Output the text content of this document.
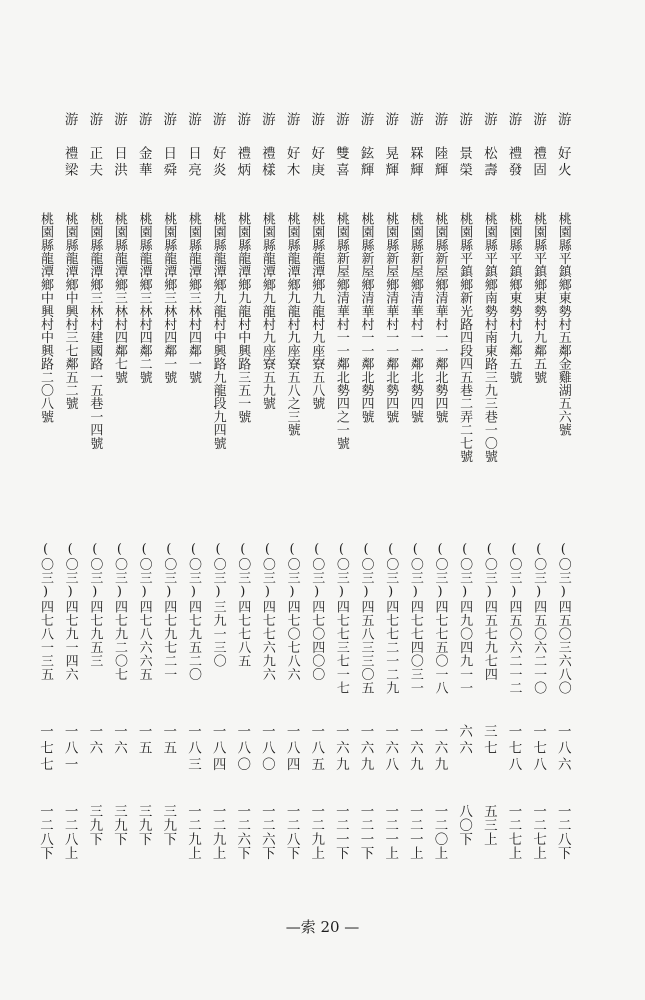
游
好火
桃園縣平鎮鄉東勢村五鄰金雞湖五六號
(〇三)四五〇三六八〇
一八六
一二八下
游
禮固
桃園縣平鎮鄉東勢村九鄰五號
(〇三)四五〇六二一〇
一七八
一二七上
游
禮發
桃園縣平鎮鄉東勢村九鄰五號
(〇三)四五〇六二一二
一七八
一二七上
游
松壽
桃園縣平鎮鄉南勢村南東路三九三巷一〇號
(〇三)四五七九七四
三七
五三上
游
景榮
桃園縣平鎮鄉新光路四段四五巷二弄二七號
(〇三)四九〇四九一一
六六
八〇下
游
陸輝
桃園縣新屋鄉清華村一一鄰北勢四號
(〇三)四七七五〇一八
一六九
一二〇上
游
罧輝
桃園縣新屋鄉清華村一一鄰北勢四號
(〇三)四七七四〇三一
一六九
一二一上
游
晃輝
桃園縣新屋鄉清華村一一鄰北勢四號
(〇三)四七七二一二九
一六八
一二一上
游
鉉輝
桃園縣新屋鄉清華村一一鄰北勢四號
(〇三)四五八三三〇五
一六九
一二一下
游
雙喜
桃園縣新屋鄉清華村一一鄰北勢四之一號
(〇三)四七七三七一七
一六九
一二一下
游
好庚
桃園縣龍潭鄉九龍村九座寮五八號
(〇三)四七〇四〇〇
一八五
一二九上
游
好木
桃園縣龍潭鄉九龍村九座寮五八之三號
(〇三)四七〇七八六
一八四
一二八下
游
禮樣
桃園縣龍潭鄉九龍村九座寮五九號
(〇三)四七七六九六
一八〇
一二六下
游
禮炳
桃園縣龍潭鄉九龍村中興路三五一號
(〇三)四七七八五
一八〇
一二六下
游
好炎
桃園縣龍潭鄉九龍村中興路九龍段九四號
(〇三)三九一三〇
一八四
一二九上
游
日亮
桃園縣龍潭鄉三林村四鄰一號
(〇三)四七九五二〇
一八三
一二九上
游
日舜
桃園縣龍潭鄉三林村四鄰一號
(〇三)四七九七二一
一五
三九下
游
金華
桃園縣龍潭鄉三林村四鄰二號
(〇三)四七八六六五
一五
三九下
游
日洪
桃園縣龍潭鄉三林村四鄰七號
(〇三)四七九二〇七
一六
三九下
游
正夫
桃園縣龍潭鄉三林村建國路一五巷一四號
(〇三)四七九五三
一六
三九下
游
禮梁
桃園縣龍潭鄉中興村三七鄰五二號
(〇三)四七九一四六
一八一
一二八上
桃園縣龍潭鄉中興村中興路二〇八號
(〇三)四七八一三五
一七七
一二八下
—索 20 —
